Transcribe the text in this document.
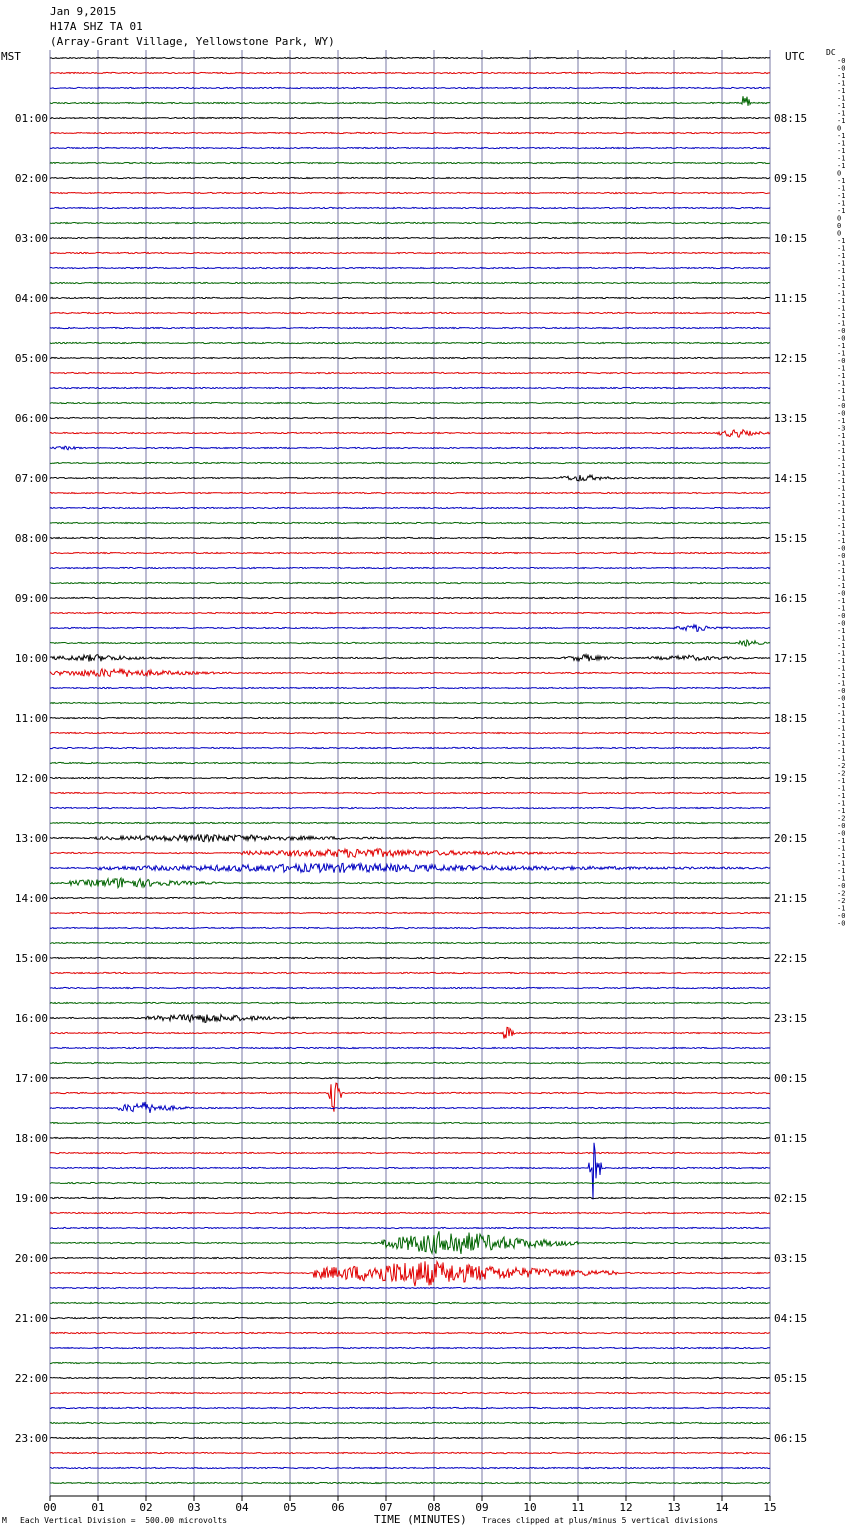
Jan 9,2015
H17A SHZ TA 01
(Array-Grant Village, Yellowstone Park, WY)
MST	UTC	DC
00	01	02	03	04	05	06	07	08	09	10	11	12	13	14	15
01:00	08:15
02:00	09:15
03:00	10:15
04:00	11:15
05:00	12:15
06:00	13:15
07:00	14:15
08:00	15:15
09:00	16:15
10:00	17:15
11:00	18:15
12:00	19:15
13:00	20:15
14:00	21:15
15:00	22:15
16:00	23:15
17:00	00:15
18:00	01:15
19:00	02:15
20:00	03:15
21:00	04:15
22:00	05:15
23:00	06:15
-0
-0
-1
-1
-1
-1
-1
-1
-1
0
-1
-1
-1
-1
-1
0
-1
-1
-1
-1
-1
0
0
0
-1
-1
-1
-1
-1
-1
-1
-1
-1
-1
-1
-1
-0
-0
-1
-1
-0
-1
-1
-1
-1
-1
-0
-0
-1
-3
-1
-1
-1
-1
-1
-1
-1
-1
-1
-1
-1
-1
-1
-1
-1
-0
-0
-1
-1
-1
-1
-0
-1
-1
-0
-0
-1
-1
-1
-1
-1
-1
-1
-1
-0
-0
-1
-1
-1
-1
-1
-1
-1
-1
-2
-2
-1
-1
-1
-1
-1
-2
-0
-0
-1
-1
-1
-1
-1
-1
-0
-2
-2
-1
-0
-0
M Each Vertical Division =  500.00 microvolts	TIME (MINUTES) Traces clipped at plus/minus 5 vertical divisions
